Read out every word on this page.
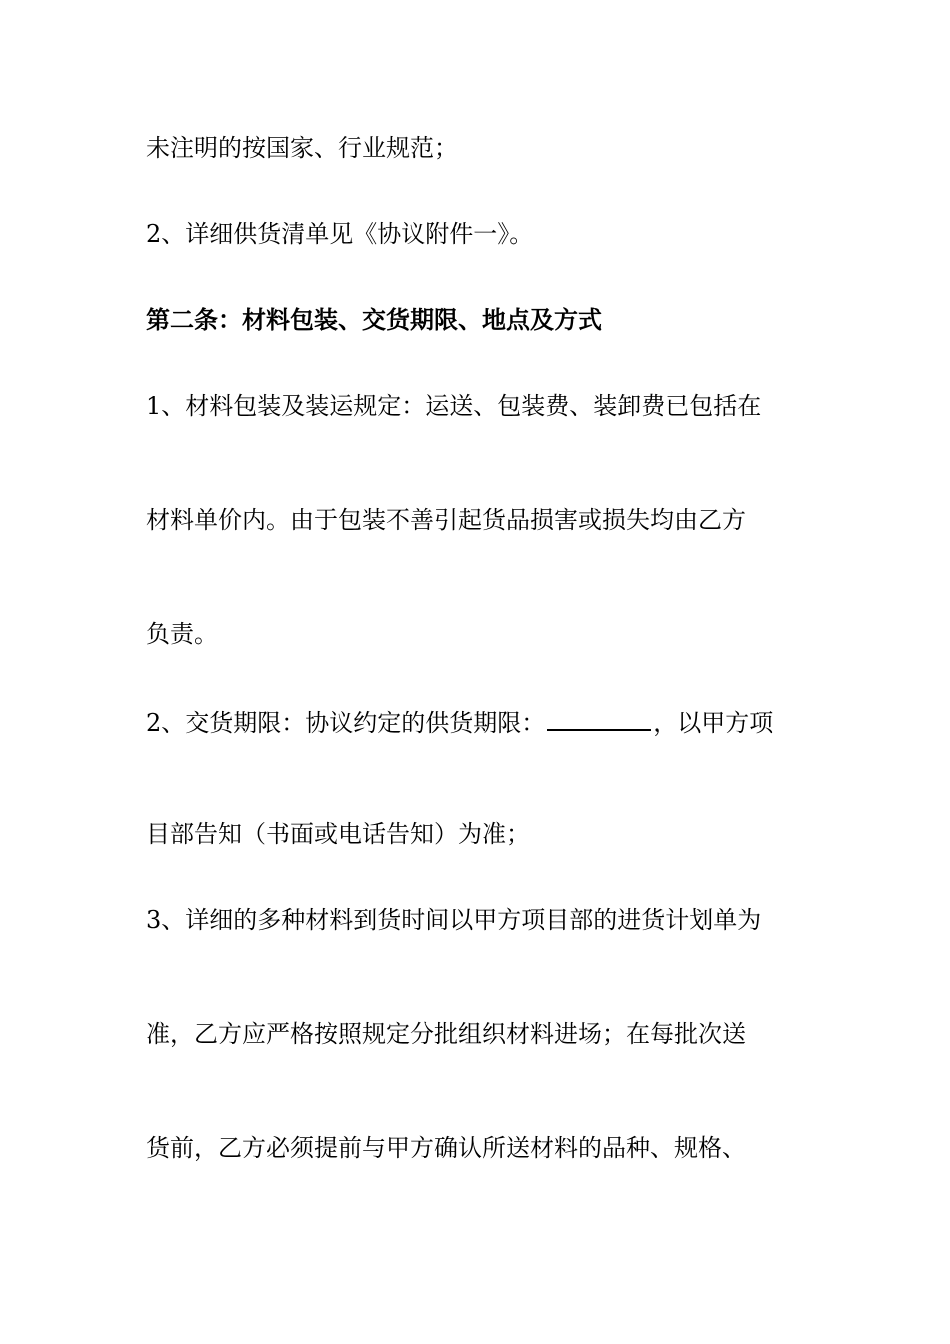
未注明的按国家、行业规范；
2、详细供货清单见《协议附件一》。
第二条：材料包装、交货期限、地点及方式
1、材料包装及装运规定：运送、包装费、装卸费已包括在
材料单价内。由于包装不善引起货品损害或损失均由乙方
负责。
2、交货期限：协议约定的供货期限：	，以甲方项
目部告知（书面或电话告知）为准；
3、详细的多种材料到货时间以甲方项目部的进货计划单为
准，乙方应严格按照规定分批组织材料进场；在每批次送
货前，乙方必须提前与甲方确认所送材料的品种、规格、
